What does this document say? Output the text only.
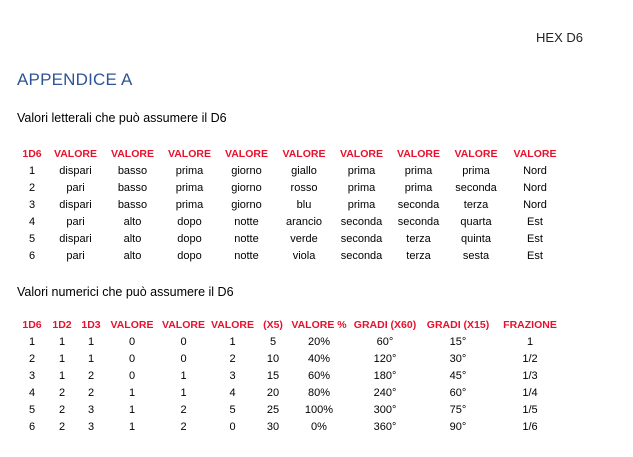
HEX D6
APPENDICE A
Valori letterali che può assumere il D6
1D6	VALORE	VALORE	VALORE	VALORE	VALORE	VALORE	VALORE	VALORE	VALORE
1	dispari	basso	prima	giorno	giallo	prima	prima	prima	Nord
2	pari	basso	prima	giorno	rosso	prima	prima	seconda	Nord
3	dispari	basso	prima	giorno	blu	prima	seconda	terza	Nord
4	pari	alto	dopo	notte	arancio	seconda	seconda	quarta	Est
5	dispari	alto	dopo	notte	verde	seconda	terza	quinta	Est
6	pari	alto	dopo	notte	viola	seconda	terza	sesta	Est
Valori numerici che può assumere il D6
1D6	1D2	1D3	VALORE	VALORE	VALORE	(X5)	VALORE %	GRADI (X60)	GRADI (X15)	FRAZIONE
1	1	1	0	0	1	5	20%	60°	15°	1
2	1	1	0	0	2	10	40%	120°	30°	1/2
3	1	2	0	1	3	15	60%	180°	45°	1/3
4	2	2	1	1	4	20	80%	240°	60°	1/4
5	2	3	1	2	5	25	100%	300°	75°	1/5
6	2	3	1	2	0	30	0%	360°	90°	1/6
